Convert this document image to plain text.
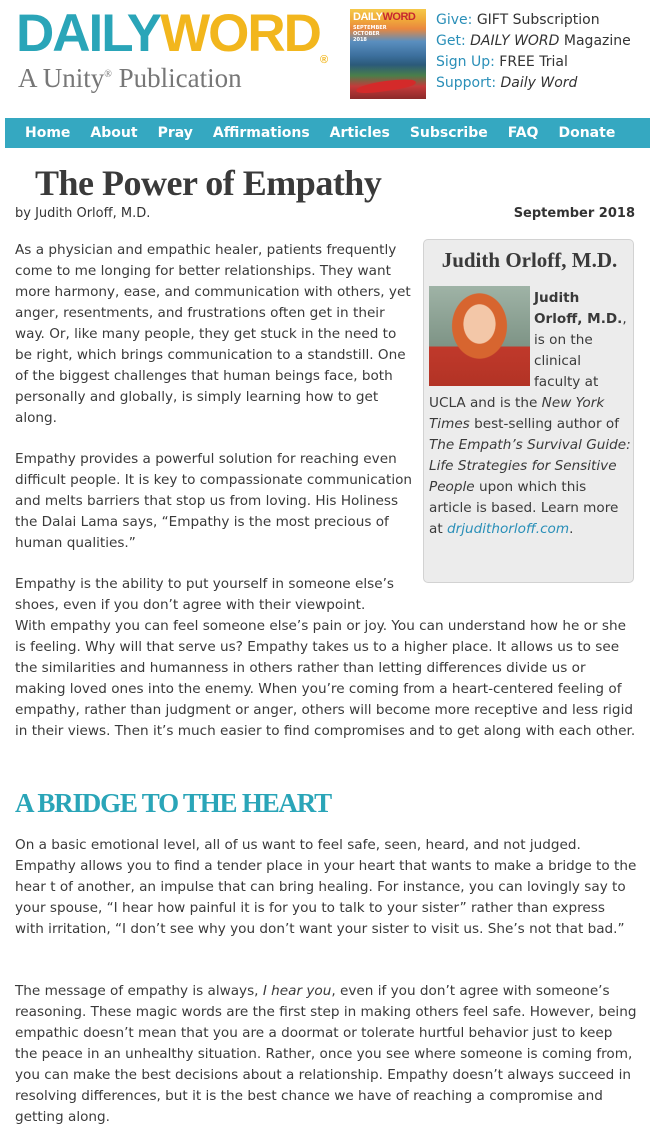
DAILYWORD®
A Unity® Publication
DAILYWORD
SEPTEMBER
OCTOBER
2018
Give: GIFT Subscription
Get: DAILY WORD Magazine
Sign Up: FREE Trial
Support: Daily Word
Home About Pray Affirmations Articles Subscribe FAQ Donate
The Power of Empathy
by Judith Orloff, M.D.	September 2018

As a physician and empathic healer, patients frequently come to me longing for better relationships. They want more harmony, ease, and communication with others, yet anger, resentments, and frustrations often get in their way. Or, like many people, they get stuck in the need to be right, which brings communication to a standstill. One of the biggest challenges that human beings face, both personally and globally, is simply learning how to get along.

Empathy provides a powerful solution for reaching even difficult people. It is key to compassionate communication and melts barriers that stop us from loving. His Holiness the Dalai Lama says, “Empathy is the most precious of human qualities.”

Empathy is the ability to put yourself in someone else’s
shoes, even if you don’t agree with their viewpoint.
With empathy you can feel someone else’s pain or joy. You can understand how he or she is feeling. Why will that serve us? Empathy takes us to a higher place. It allows us to see the similarities and humanness in others rather than letting differences divide us or making loved ones into the enemy. When you’re coming from a heart-centered feeling of empathy, rather than judgment or anger, others will become more receptive and less rigid in their views. Then it’s much easier to find compromises and to get along with each other.

Judith Orloff, M.D.
Judith Orloff, M.D., is on the clinical faculty at UCLA and is the New York Times best-selling author of The Empath’s Survival Guide: Life Strategies for Sensitive People upon which this article is based. Learn more at drjudithorloff.com.
A BRIDGE TO THE HEART

On a basic emotional level, all of us want to feel safe, seen, heard, and not judged. Empathy allows you to find a tender place in your heart that wants to make a bridge to the hear t of another, an impulse that can bring healing. For instance, you can lovingly say to your spouse, “I hear how painful it is for you to talk to your sister” rather than express with irritation, “I don’t see why you don’t want your sister to visit us. She’s not that bad.”

The message of empathy is always, I hear you, even if you don’t agree with someone’s reasoning. These magic words are the first step in making others feel safe. However, being empathic doesn’t mean that you are a doormat or tolerate hurtful behavior just to keep the peace in an unhealthy situation. Rather, once you see where someone is coming from, you can make the best decisions about a relationship. Empathy doesn’t always succeed in resolving differences, but it is the best chance we have of reaching a compromise and getting along.
